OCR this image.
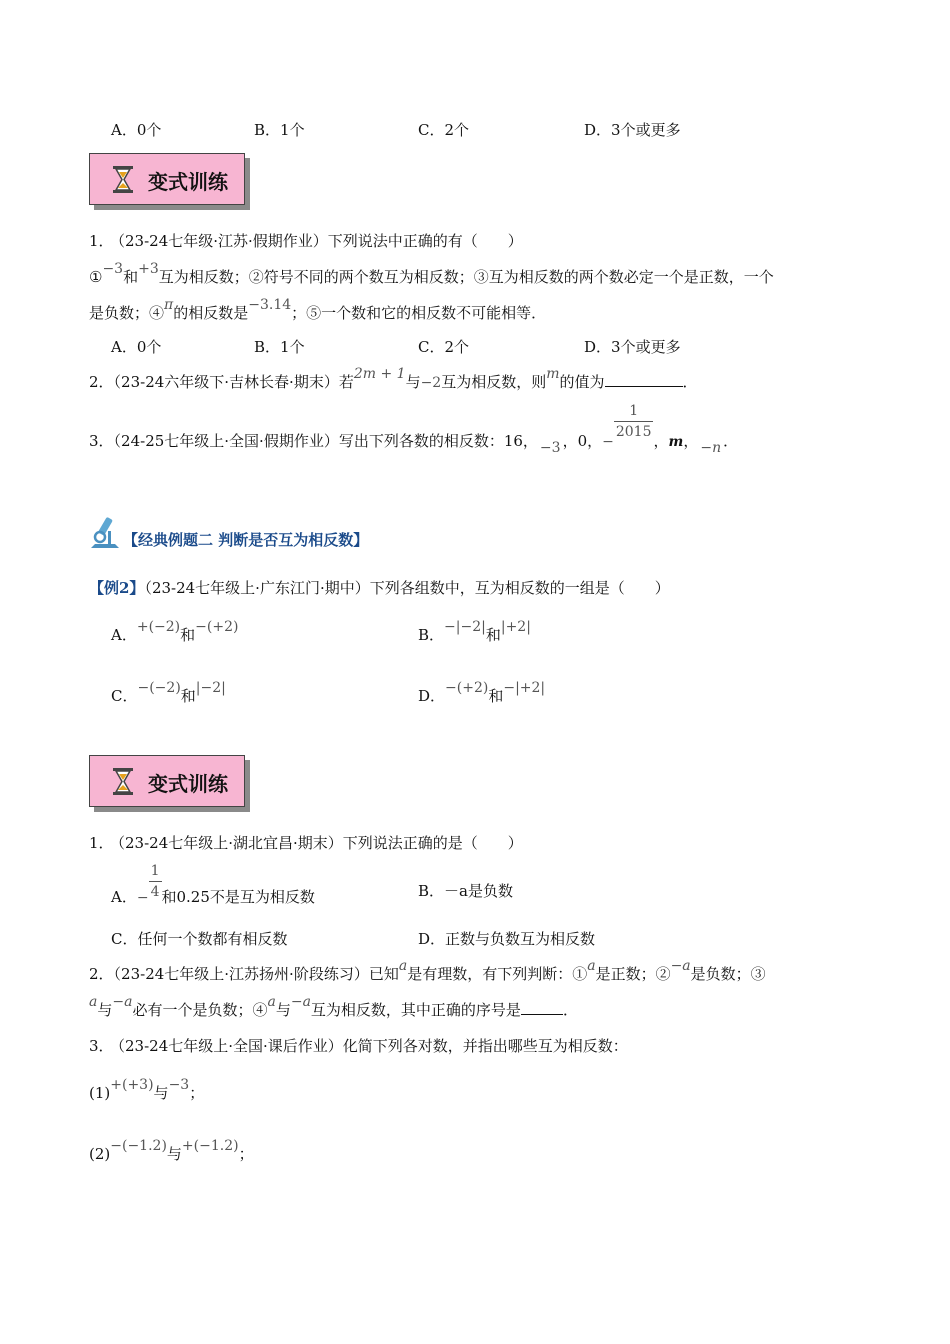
A．0个	B．1个	C．2个	D．3个或更多
变式训练
1．
（23-24七年级·江苏·假期作业）下列说法中正确的有（　　）
①−3和+3互为相反数；②符号不同的两个数互为相反数；③互为相反数的两个数必定一个是正数，一个
是负数；④π的相反数是−3.14；⑤一个数和它的相反数不可能相等．
A．0个	B．1个	C．2个	D．3个或更多
2．（23-24六年级下·吉林长春·期末）若2m + 1与−2互为相反数，则m的值为	．
3．（24-25七年级上·全国·假期作业）写出下列各数的相反数：16， −3 ，0，−
$\frac{1}{2015}$
，m， −n ．
【经典例题二 判断是否互为相反数】
【例2】（23-24七年级上·广东江门·期中）下列各组数中，互为相反数的一组是（　　）
A．+(−2)和−(+2)	B．−|−2|和|+2|
C．−(−2)和|−2|	D．−(+2)和−|+2|
变式训练
1．
（23-24七年级上·湖北宜昌·期末）下列说法正确的是（　　）
A．− $\frac{1}{4}$ 和0.25不是互为相反数	B．－a是负数
C．任何一个数都有相反数	D．正数与负数互为相反数
2．（23-24七年级上·江苏扬州·阶段练习）已知a是有理数，有下列判断：①a是正数；②−a是负数；③
a与−a必有一个是负数；④a与−a互为相反数，其中正确的序号是	．
3．
（23-24七年级上·全国·课后作业）化简下列各对数，并指出哪些互为相反数：
(1)+(+3)与−3；
(2)−(−1.2)与+(−1.2)；
